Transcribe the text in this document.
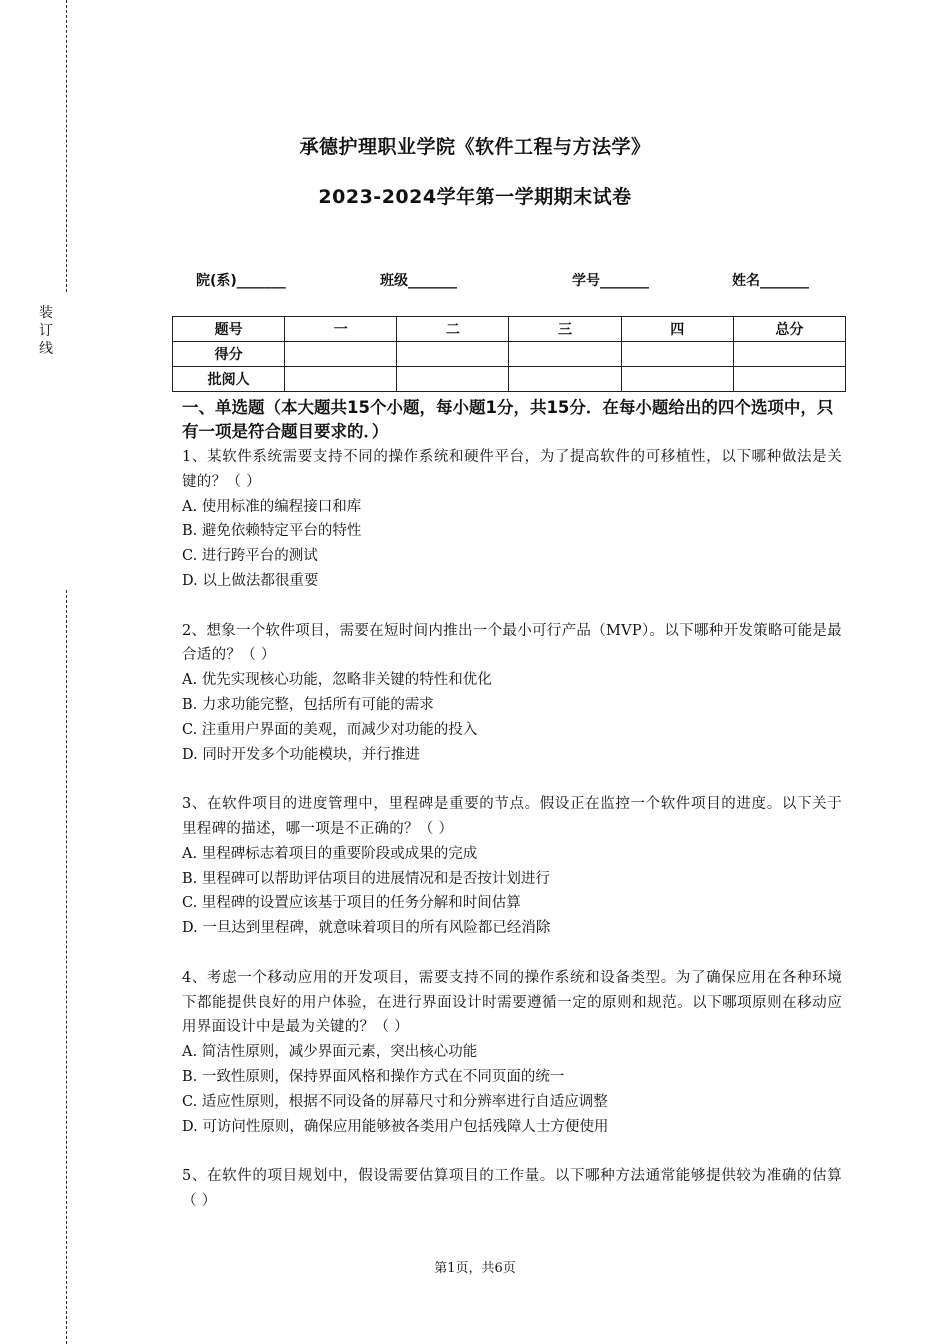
装
订
线
承德护理职业学院《软件工程与方法学》
2023-2024学年第一学期期末试卷
院(系)_______	班级_______	学号_______	姓名_______
题号	一	二	三	四	总分
得分					
批阅人					
一、单选题（本大题共15个小题，每小题1分，共15分．在每小题给出的四个选项中，只有一项是符合题目要求的．）
1、某软件系统需要支持不同的操作系统和硬件平台，为了提高软件的可移植性，以下哪种做法是关键的？（ ）
A. 使用标准的编程接口和库
B. 避免依赖特定平台的特性
C. 进行跨平台的测试
D. 以上做法都很重要
2、想象一个软件项目，需要在短时间内推出一个最小可行产品（MVP）。以下哪种开发策略可能是最合适的？（ ）
A. 优先实现核心功能，忽略非关键的特性和优化
B. 力求功能完整，包括所有可能的需求
C. 注重用户界面的美观，而减少对功能的投入
D. 同时开发多个功能模块，并行推进
3、在软件项目的进度管理中，里程碑是重要的节点。假设正在监控一个软件项目的进度。以下关于里程碑的描述，哪一项是不正确的？（ ）
A. 里程碑标志着项目的重要阶段或成果的完成
B. 里程碑可以帮助评估项目的进展情况和是否按计划进行
C. 里程碑的设置应该基于项目的任务分解和时间估算
D. 一旦达到里程碑，就意味着项目的所有风险都已经消除
4、考虑一个移动应用的开发项目，需要支持不同的操作系统和设备类型。为了确保应用在各种环境下都能提供良好的用户体验，在进行界面设计时需要遵循一定的原则和规范。以下哪项原则在移动应用界面设计中是最为关键的？（ ）
A. 简洁性原则，减少界面元素，突出核心功能
B. 一致性原则，保持界面风格和操作方式在不同页面的统一
C. 适应性原则，根据不同设备的屏幕尺寸和分辨率进行自适应调整
D. 可访问性原则，确保应用能够被各类用户包括残障人士方便使用
5、在软件的项目规划中，假设需要估算项目的工作量。以下哪种方法通常能够提供较为准确的估算（ ）
第1页，共6页
